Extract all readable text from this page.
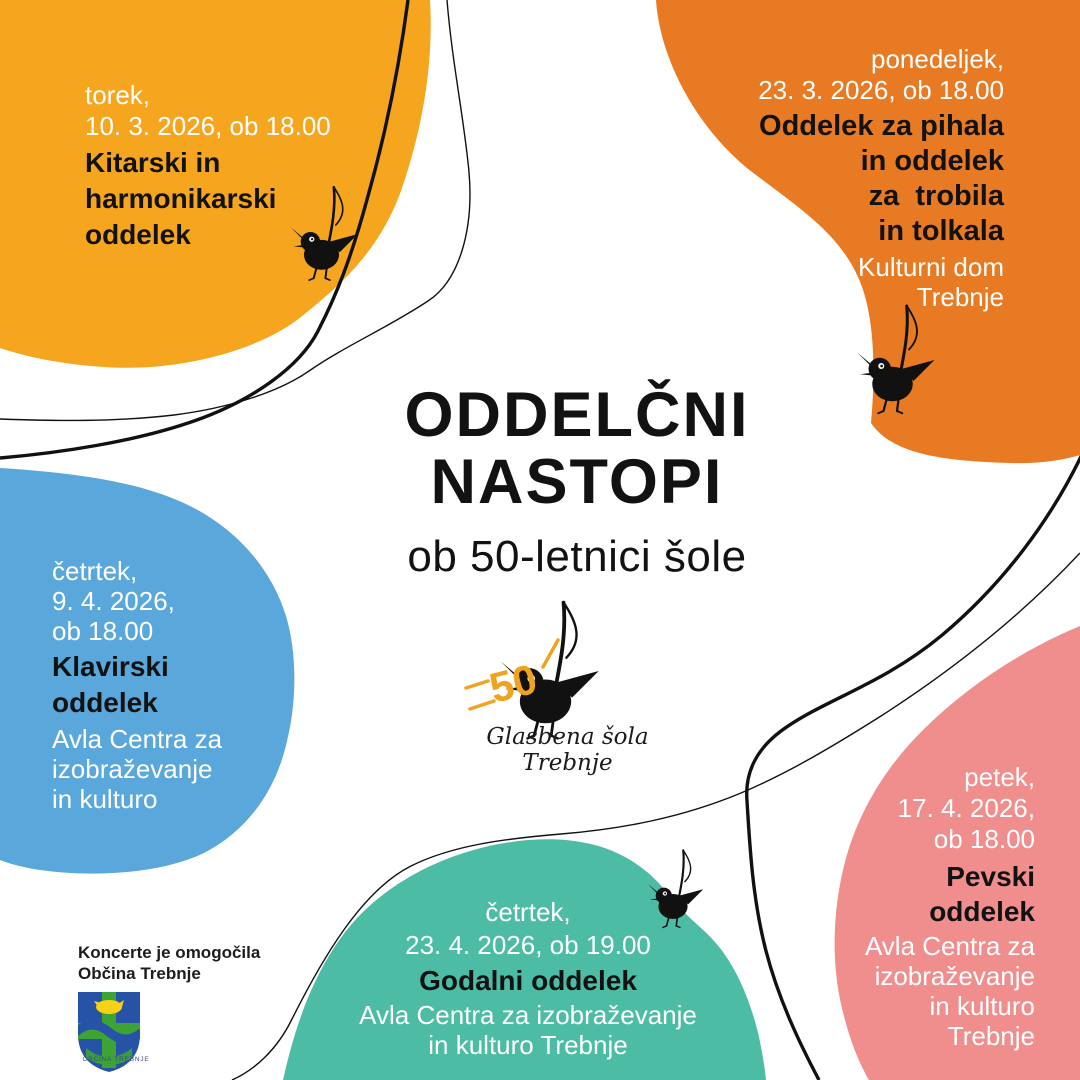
50
torek,
10. 3. 2026, ob 18.00
Kitarski in
harmonikarski
oddelek
ponedeljek,
23. 3. 2026, ob 18.00
Oddelek za pihala
in oddelek
za  trobila
in tolkala
Kulturni dom
Trebnje
četrtek,
9. 4. 2026,
ob 18.00
Klavirski
oddelek
Avla Centra za
izobraževanje
in kulturo
četrtek,
23. 4. 2026, ob 19.00
Godalni oddelek
Avla Centra za izobraževanje
in kulturo Trebnje
petek,
17. 4. 2026,
ob 18.00
Pevski
oddelek
Avla Centra za
izobraževanje
in kulturo
Trebnje
ODDELČNI
NASTOPI
ob 50-letnici šole
Glasbena šola
Trebnje
Koncerte je omogočila
Občina Trebnje
OBČINA TREBNJE
